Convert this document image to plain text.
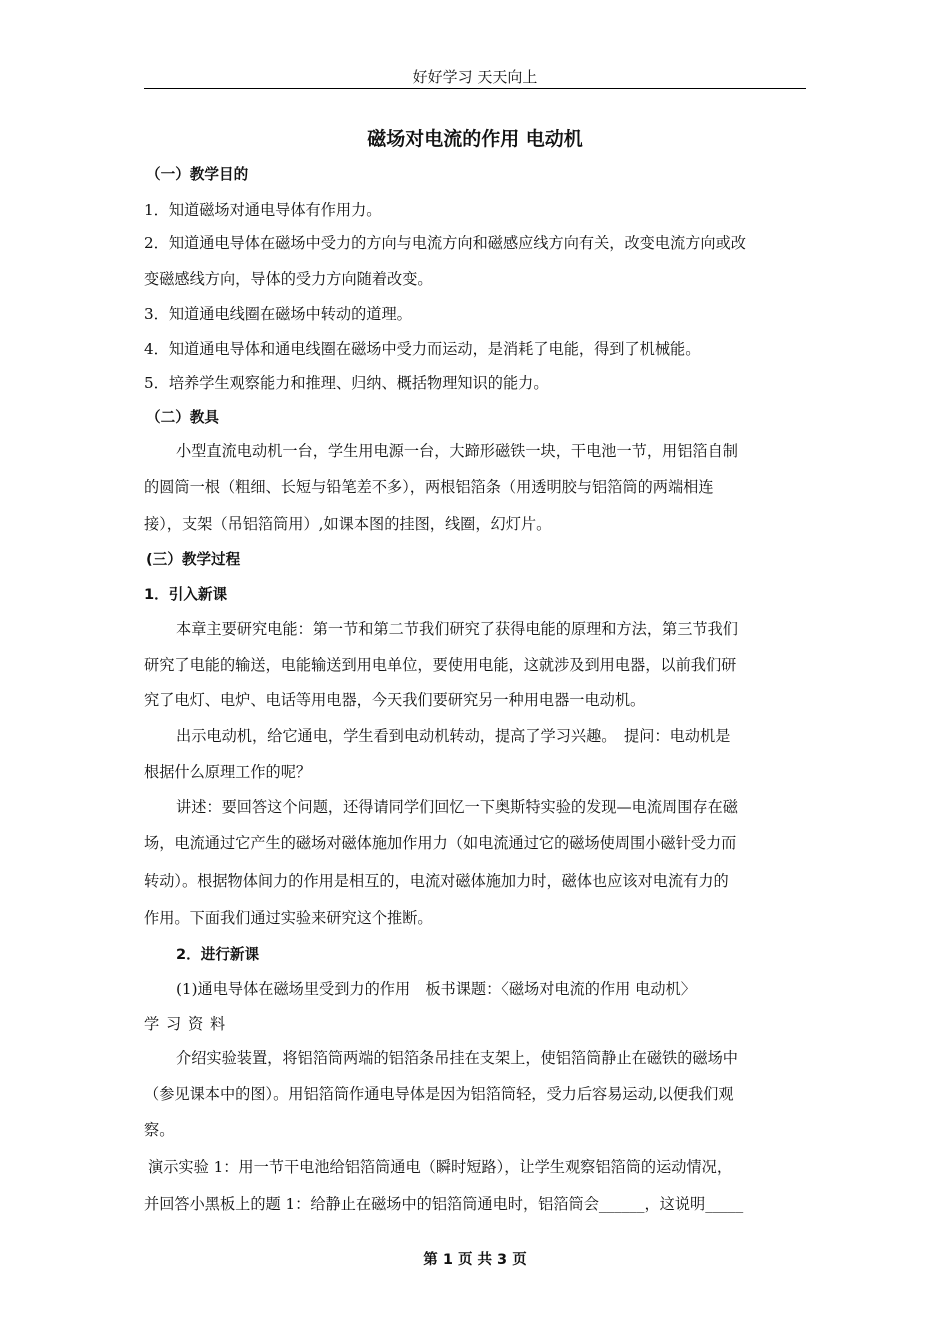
好好学习 天天向上
磁场对电流的作用 电动机

（一）教学目的

1．知道磁场对通电导体有作用力。

2．知道通电导体在磁场中受力的方向与电流方向和磁感应线方向有关，改变电流方向或改

变磁感线方向，导体的受力方向随着改变。

3．知道通电线圈在磁场中转动的道理。

4．知道通电导体和通电线圈在磁场中受力而运动，是消耗了电能，得到了机械能。

5．培养学生观察能力和推理、归纳、概括物理知识的能力。

（二）教具

小型直流电动机一台，学生用电源一台，大蹄形磁铁一块，干电池一节，用铝箔自制

的圆筒一根（粗细、长短与铅笔差不多），两根铝箔条（用透明胶与铝箔筒的两端相连

接），支架（吊铝箔筒用）,如课本图的挂图，线圈，幻灯片。

(三）教学过程

1．引入新课

本章主要研究电能：第一节和第二节我们研究了获得电能的原理和方法，第三节我们

研究了电能的输送，电能输送到用电单位，要使用电能，这就涉及到用电器，以前我们研

究了电灯、电炉、电话等用电器，今天我们要研究另一种用电器一电动机。

出示电动机，给它通电，学生看到电动机转动，提高了学习兴趣。　提问：电动机是

根据什么原理工作的呢？

讲述：要回答这个问题，还得请同学们回忆一下奥斯特实验的发现—电流周围存在磁

场，电流通过它产生的磁场对磁体施加作用力（如电流通过它的磁场使周围小磁针受力而

转动）。根据物体间力的作用是相互的，电流对磁体施加力时，磁体也应该对电流有力的

作用。下面我们通过实验来研究这个推断。

2．进行新课

(1)通电导体在磁场里受到力的作用　板书课题：〈磁场对电流的作用 电动机〉

学 习 资 料

介绍实验装置，将铝箔筒两端的铝箔条吊挂在支架上，使铝箔筒静止在磁铁的磁场中

（参见课本中的图）。用铝箔筒作通电导体是因为铝箔筒轻，受力后容易运动,以便我们观

察。

演示实验 1：用一节干电池给铝箔筒通电（瞬时短路），让学生观察铝箔筒的运动情况，

并回答小黑板上的题 1：给静止在磁场中的铝箔筒通电时，铝箔筒会______，这说明_____

第 1 页 共 3 页
